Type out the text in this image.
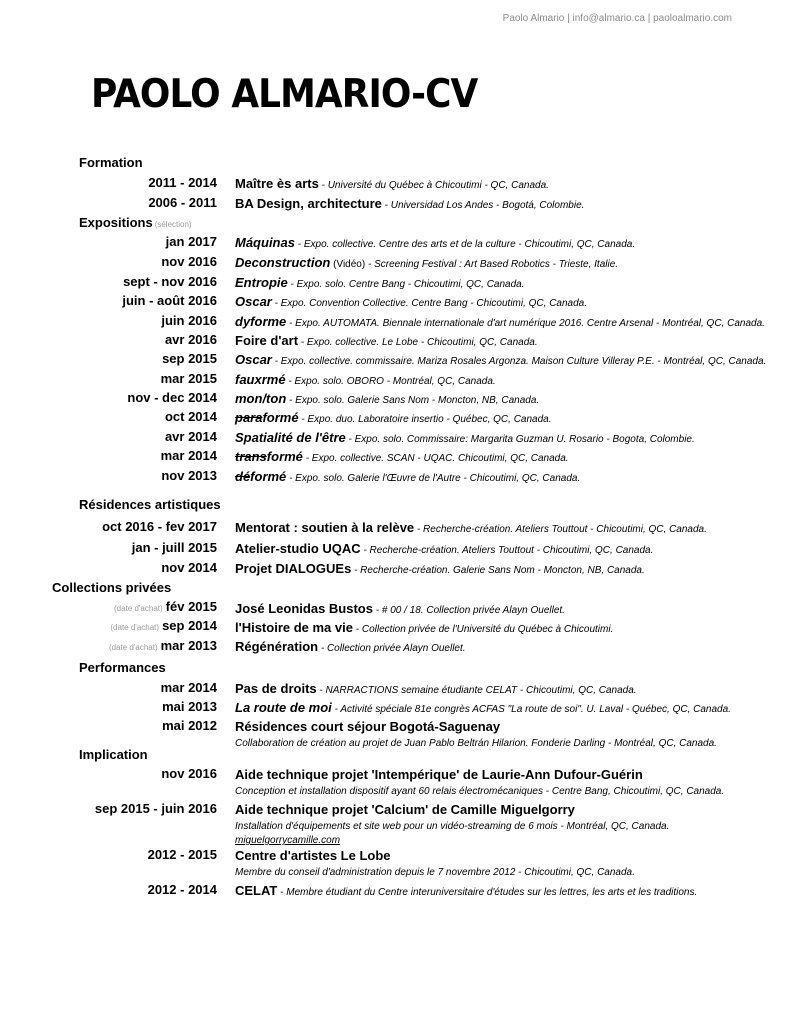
Paolo Almario | info@almario.ca | paoloalmario.com
PAOLO ALMARIO-CV
Formation
2011 - 2014 Maître ès arts - Université du Québec à Chicoutimi - QC, Canada.
2006 - 2011 BA Design, architecture - Universidad Los Andes - Bogotá, Colombie.
Expositions (sélection)
jan 2017 Máquinas - Expo. collective. Centre des arts et de la culture - Chicoutimi, QC, Canada.
nov 2016 Deconstruction (Vidéo) - Screening Festival : Art Based Robotics - Trieste, Italie.
sept - nov 2016 Entropie - Expo. solo. Centre Bang - Chicoutimi, QC, Canada.
juin - août 2016 Oscar - Expo. Convention Collective. Centre Bang - Chicoutimi, QC, Canada.
juin 2016 dyforme - Expo. AUTOMATA. Biennale internationale d'art numérique 2016. Centre Arsenal - Montréal, QC, Canada.
avr 2016 Foire d'art - Expo. collective. Le Lobe - Chicoutimi, QC, Canada.
sep 2015 Oscar - Expo. collective. commissaire. Mariza Rosales Argonza. Maison Culture Villeray P.E. - Montréal, QC, Canada.
mar 2015 fauxrmé - Expo. solo. OBORO - Montréal, QC, Canada.
nov - dec 2014 mon/ton - Expo. solo. Galerie Sans Nom - Moncton, NB, Canada.
oct 2014 paraformé - Expo. duo. Laboratoire insertio - Québec, QC, Canada.
avr 2014 Spatialité de l'être - Expo. solo. Commissaire: Margarita Guzman U. Rosario - Bogota, Colombie.
mar 2014 transformé - Expo. collective. SCAN - UQAC. Chicoutimi, QC, Canada.
nov 2013 déformé - Expo. solo. Galerie l'Œuvre de l'Autre - Chicoutimi, QC, Canada.
Résidences artistiques
oct 2016 - fev 2017 Mentorat : soutien à la relève - Recherche-création. Ateliers Touttout - Chicoutimi, QC, Canada.
jan - juill 2015 Atelier-studio UQAC - Recherche-création. Ateliers Touttout - Chicoutimi, QC, Canada.
nov 2014 Projet DIALOGUEs - Recherche-création. Galerie Sans Nom - Moncton, NB, Canada.
Collections privées
(date d'achat) fév 2015 José Leonidas Bustos - # 00 / 18. Collection privée Alayn Ouellet.
(date d'achat) sep 2014 l'Histoire de ma vie - Collection privée de l'Université du Québec à Chicoutimi.
(date d'achat) mar 2013 Régénération - Collection privée Alayn Ouellet.
Performances
mar 2014 Pas de droits - NARRACTIONS semaine étudiante CELAT - Chicoutimi, QC, Canada.
mai 2013 La route de moi - Activité spéciale 81e congrès ACFAS "La route de soi". U. Laval - Québec, QC, Canada.
mai 2012 Résidences court séjour Bogotá-Saguenay
Collaboration de création au projet de Juan Pablo Beltrán Hilarion. Fonderie Darling - Montréal, QC, Canada.
Implication
nov 2016 Aide technique projet 'Intempérique' de Laurie-Ann Dufour-Guérin
Conception et installation dispositif ayant 60 relais électromécaniques - Centre Bang, Chicoutimi, QC, Canada.
sep 2015 - juin 2016 Aide technique projet 'Calcium' de Camille Miguelgorry
Installation d'équipements et site web pour un vidéo-streaming de 6 mois - Montréal, QC, Canada.
miguelgorrycamille.com
2012 - 2015 Centre d'artistes Le Lobe
Membre du conseil d'administration depuis le 7 novembre 2012 - Chicoutimi, QC, Canada.
2012 - 2014 CELAT - Membre étudiant du Centre interuniversitaire d'études sur les lettres, les arts et les traditions.
